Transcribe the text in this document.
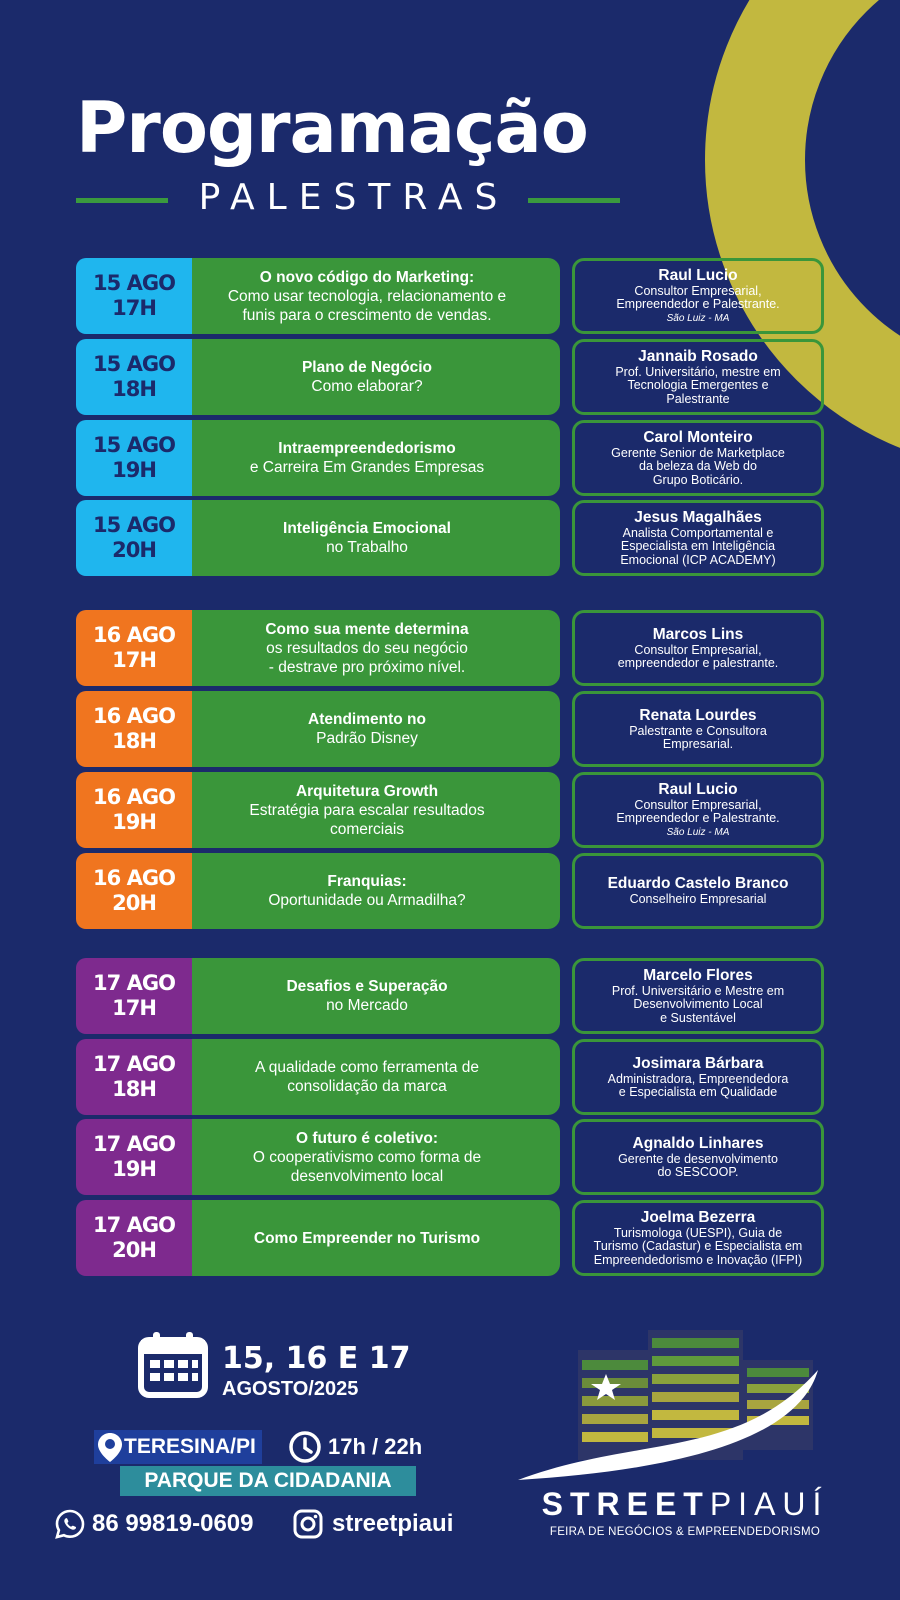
Programação
PALESTRAS
O novo código do Marketing:
Como usar tecnologia, relacionamento e
funis para o crescimento de vendas.
15 AGO
17H
Raul Lucio
Consultor Empresarial,
Empreendedor e Palestrante.
São Luiz - MA
Plano de Negócio
Como elaborar?
15 AGO
18H
Jannaib Rosado
Prof. Universitário, mestre em
Tecnologia Emergentes e
Palestrante
Intraempreendedorismo
e Carreira Em Grandes Empresas
15 AGO
19H
Carol Monteiro
Gerente Senior de Marketplace
da beleza da Web do
Grupo Boticário.
Inteligência Emocional
no Trabalho
15 AGO
20H
Jesus Magalhães
Analista Comportamental e
Especialista em Inteligência
Emocional (ICP ACADEMY)
Como sua mente determina
os resultados do seu negócio
- destrave pro próximo nível.
16 AGO
17H
Marcos Lins
Consultor Empresarial,
empreendedor e palestrante.
Atendimento no
Padrão Disney
16 AGO
18H
Renata Lourdes
Palestrante e Consultora
Empresarial.
Arquitetura Growth
Estratégia para escalar resultados
comerciais
16 AGO
19H
Raul Lucio
Consultor Empresarial,
Empreendedor e Palestrante.
São Luiz - MA
Franquias:
Oportunidade ou Armadilha?
16 AGO
20H
Eduardo Castelo Branco
Conselheiro Empresarial
Desafios e Superação
no Mercado
17 AGO
17H
Marcelo Flores
Prof. Universitário e Mestre em
Desenvolvimento Local
e Sustentável
A qualidade como ferramenta de
consolidação da marca
17 AGO
18H
Josimara Bárbara
Administradora, Empreendedora
e Especialista em Qualidade
O futuro é coletivo:
O cooperativismo como forma de
desenvolvimento local
17 AGO
19H
Agnaldo Linhares
Gerente de desenvolvimento
do SESCOOP.
Como Empreender no Turismo
17 AGO
20H
Joelma Bezerra
Turismologa (UESPI), Guia de
Turismo (Cadastur) e Especialista em
Empreendedorismo e Inovação (IFPI)
15, 16 E 17
AGOSTO/2025
TERESINA/PI	17h / 22h
PARQUE DA CIDADANIA
86 99819-0609	streetpiaui
STREETPIAUÍ
FEIRA DE NEGÓCIOS & EMPREENDEDORISMO
